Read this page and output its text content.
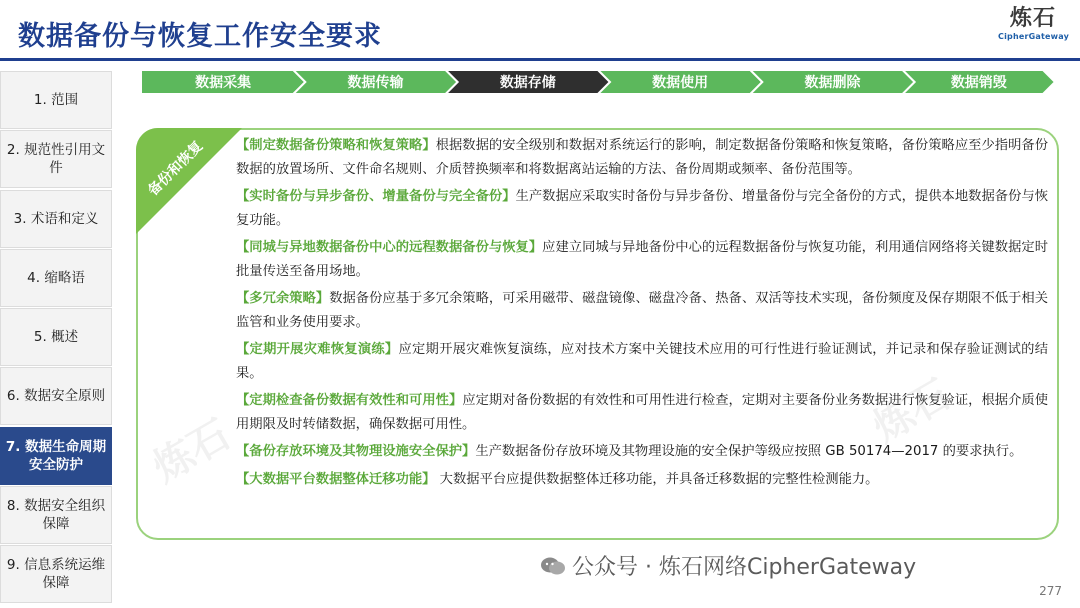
数据备份与恢复工作安全要求
炼石
CipherGateway
1. 范围
2. 规范性引用文件
3. 术语和定义
4. 缩略语
5. 概述
6. 数据安全原则
7. 数据生命周期安全防护
8. 数据安全组织保障
9. 信息系统运维保障
数据采集	数据传输	数据存储	数据使用	数据删除	数据销毁
炼石
炼石
备份和恢复 【制定数据备份策略和恢复策略】根据数据的安全级别和数据对系统运行的影响，制定数据备份策略和恢复策略，备份策略应至少指明备份数据的放置场所、文件命名规则、介质替换频率和将数据离站运输的方法、备份周期或频率、备份范围等。
【实时备份与异步备份、增量备份与完全备份】生产数据应采取实时备份与异步备份、增量备份与完全备份的方式，提供本地数据备份与恢复功能。
【同城与异地数据备份中心的远程数据备份与恢复】应建立同城与异地备份中心的远程数据备份与恢复功能，利用通信网络将关键数据定时批量传送至备用场地。
【多冗余策略】数据备份应基于多冗余策略，可采用磁带、磁盘镜像、磁盘冷备、热备、双活等技术实现，备份频度及保存期限不低于相关监管和业务使用要求。
【定期开展灾难恢复演练】应定期开展灾难恢复演练，应对技术方案中关键技术应用的可行性进行验证测试，并记录和保存验证测试的结果。
【定期检查备份数据有效性和可用性】应定期对备份数据的有效性和可用性进行检查，定期对主要备份业务数据进行恢复验证，根据介质使用期限及时转储数据，确保数据可用性。
【备份存放环境及其物理设施安全保护】生产数据备份存放环境及其物理设施的安全保护等级应按照 GB 50174—2017 的要求执行。
【大数据平台数据整体迁移功能】 大数据平台应提供数据整体迁移功能，并具备迁移数据的完整性检测能力。
公众号 · 炼石网络CipherGateway
277
